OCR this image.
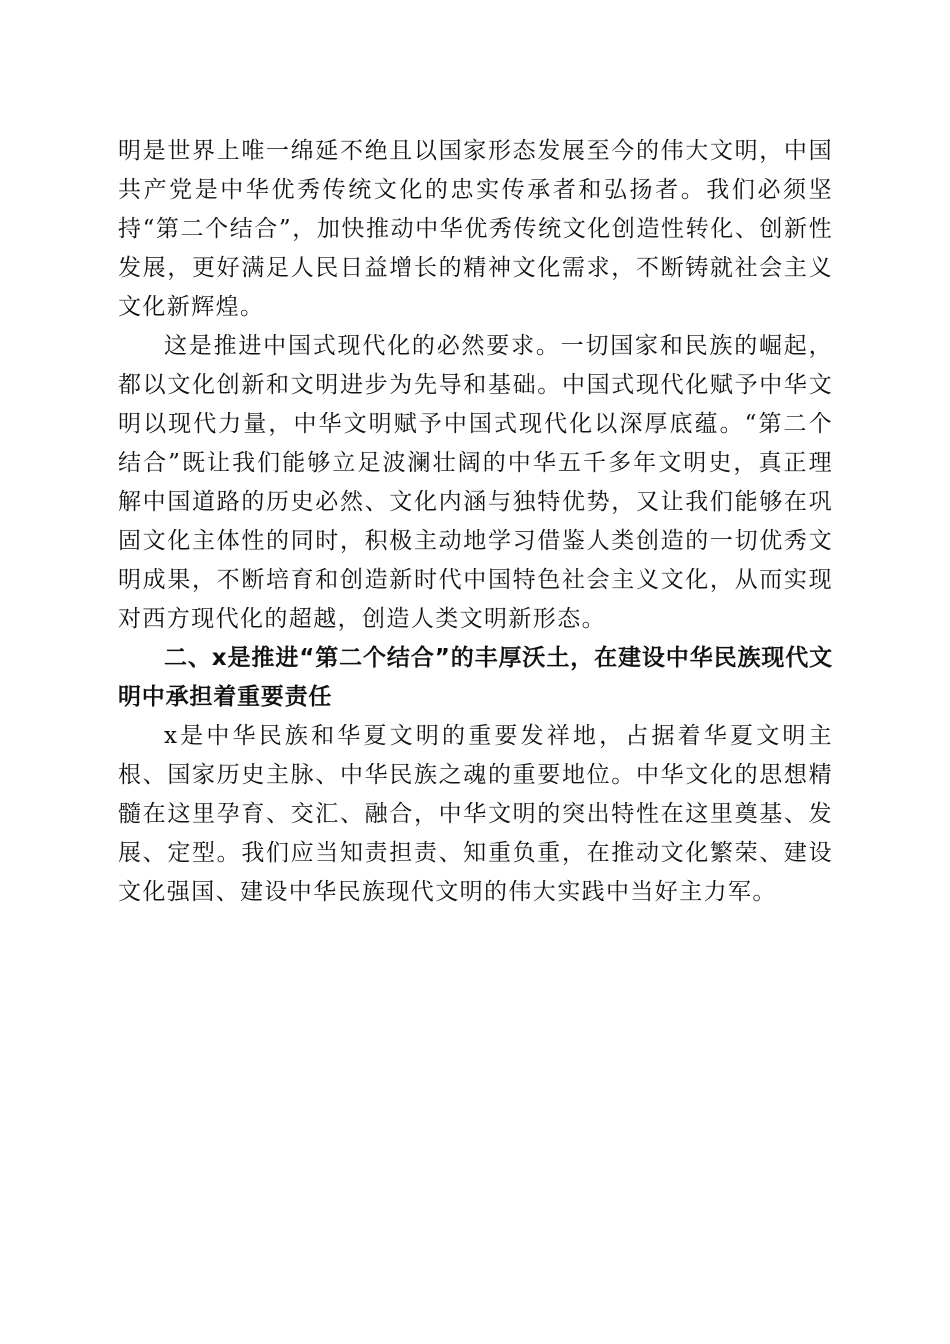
明是世界上唯一绵延不绝且以国家形态发展至今的伟大文明，中国共产党是中华优秀传统文化的忠实传承者和弘扬者。我们必须坚持“第二个结合”，加快推动中华优秀传统文化创造性转化、创新性发展，更好满足人民日益增长的精神文化需求，不断铸就社会主义文化新辉煌。

这是推进中国式现代化的必然要求。一切国家和民族的崛起，都以文化创新和文明进步为先导和基础。中国式现代化赋予中华文明以现代力量，中华文明赋予中国式现代化以深厚底蕴。“第二个结合”既让我们能够立足波澜壮阔的中华五千多年文明史，真正理解中国道路的历史必然、文化内涵与独特优势，又让我们能够在巩固文化主体性的同时，积极主动地学习借鉴人类创造的一切优秀文明成果，不断培育和创造新时代中国特色社会主义文化，从而实现对西方现代化的超越，创造人类文明新形态。

二、x是推进“第二个结合”的丰厚沃土，在建设中华民族现代文明中承担着重要责任

x是中华民族和华夏文明的重要发祥地，占据着华夏文明主根、国家历史主脉、中华民族之魂的重要地位。中华文化的思想精髓在这里孕育、交汇、融合，中华文明的突出特性在这里奠基、发展、定型。我们应当知责担责、知重负重，在推动文化繁荣、建设文化强国、建设中华民族现代文明的伟大实践中当好主力军。
